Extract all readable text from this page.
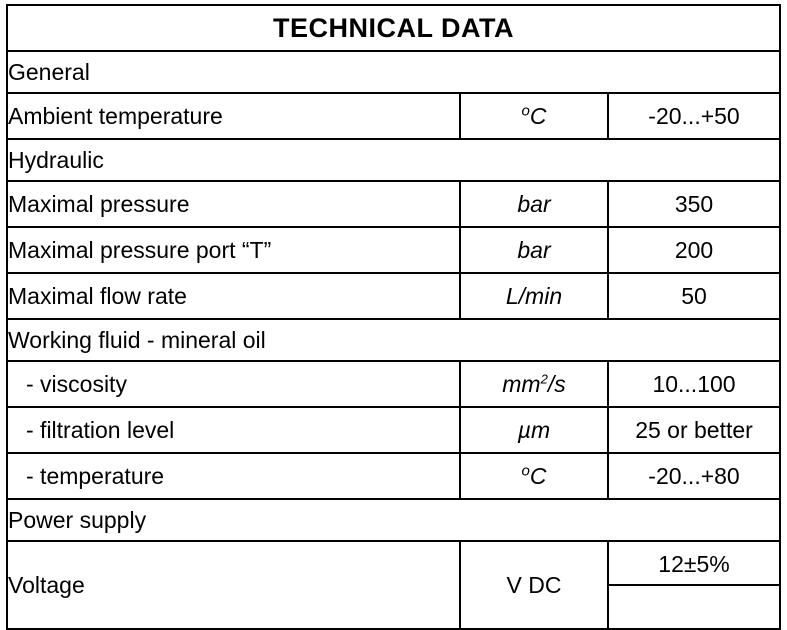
TECHNICAL DATA		
General		
Ambient temperature	$^o$C	-20...+50
Hydraulic		
Maximal pressure	bar	350
Maximal pressure port “T”	bar	200
Maximal flow rate	L/min	50
Working fluid - mineral oil		
- viscosity	$mm^2/s$	10...100
- filtration level	µm	25 or better
- temperature	$^o$C	-20...+80
Power supply		
Voltage	V DC	12±5%
